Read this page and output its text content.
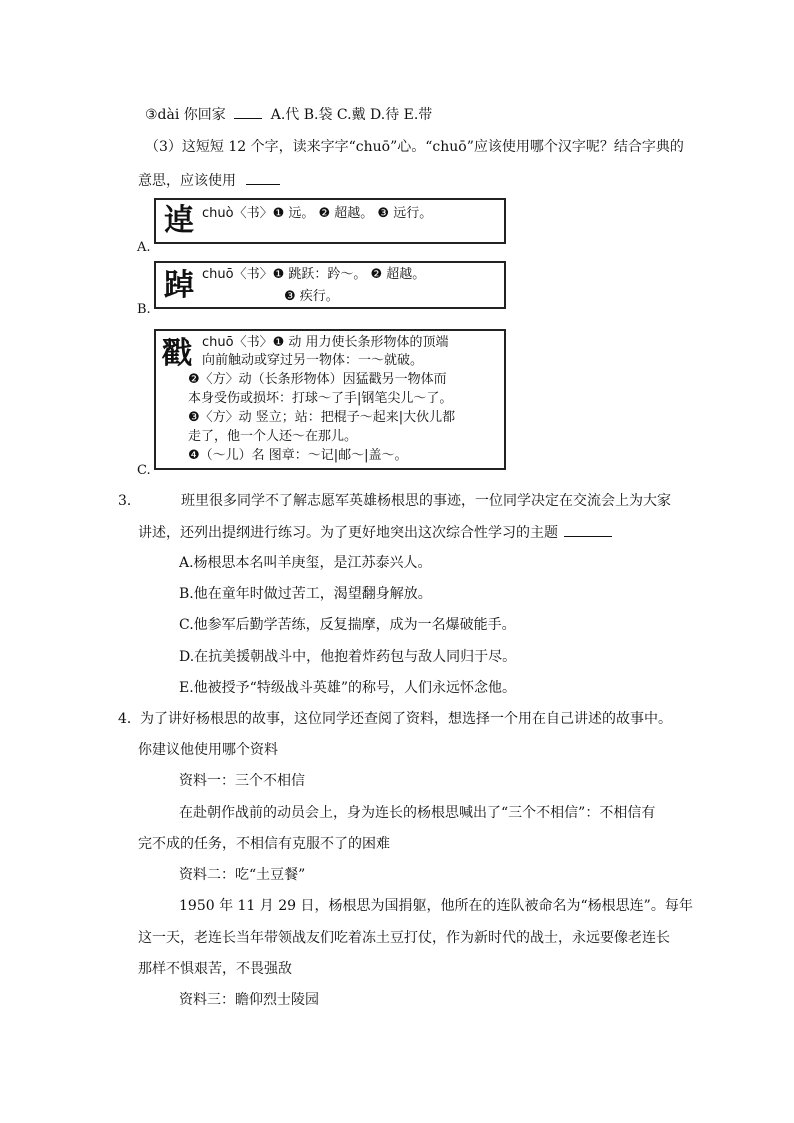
③dài 你回家	A.代 B.袋 C.戴 D.待 E.带
（3）这短短 12 个字，读来字字“chuō”心。“chuō”应该使用哪个汉字呢？结合字典的
意思，应该使用
逴 chuò〈书〉❶ 远。 ❷ 超越。 ❸ 远行。
A.
踔 chuō〈书〉❶ 跳跃：趻～。 ❷ 超越。
❸ 疾行。
B.
戳 chuō〈书〉❶ 动 用力使长条形物体的顶端
向前触动或穿过另一物体：一～就破。
❷〈方〉动（长条形物体）因猛戳另一物体而
本身受伤或损坏：打球～了手|钢笔尖儿～了。
❸〈方〉动 竖立；站：把棍子～起来|大伙儿都
走了，他一个人还～在那儿。
❹（～儿）名 图章：～记|邮～|盖～。
C.
3．	班里很多同学不了解志愿军英雄杨根思的事迹，一位同学决定在交流会上为大家
讲述，还列出提纲进行练习。为了更好地突出这次综合性学习的主题
A.杨根思本名叫羊庚玺，是江苏泰兴人。
B.他在童年时做过苦工，渴望翻身解放。
C.他参军后勤学苦练，反复揣摩，成为一名爆破能手。
D.在抗美援朝战斗中，他抱着炸药包与敌人同归于尽。
E.他被授予“特级战斗英雄”的称号，人们永远怀念他。
4． 为了讲好杨根思的故事，这位同学还查阅了资料，想选择一个用在自己讲述的故事中。
你建议他使用哪个资料
资料一：三个不相信
在赴朝作战前的动员会上，身为连长的杨根思喊出了“三个不相信”：不相信有
完不成的任务，不相信有克服不了的困难
资料二：吃“土豆餐”
1950 年 11 月 29 日，杨根思为国捐躯，他所在的连队被命名为“杨根思连”。每年
这一天，老连长当年带领战友们吃着冻土豆打仗，作为新时代的战士，永远要像老连长
那样不惧艰苦，不畏强敌
资料三：瞻仰烈士陵园
